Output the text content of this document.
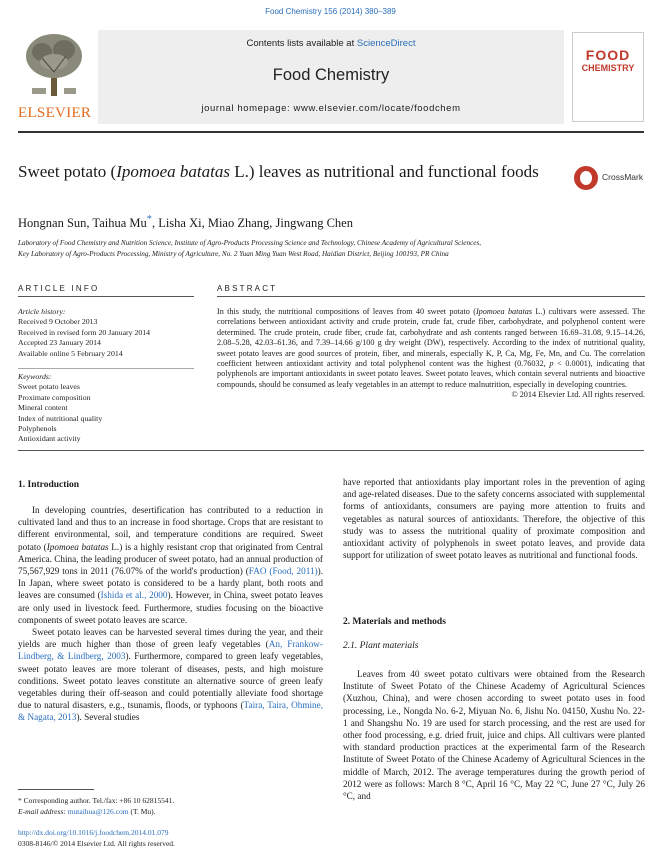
Food Chemistry 156 (2014) 380–389
ELSEVIER
Contents lists available at ScienceDirect
Food Chemistry
journal homepage: www.elsevier.com/locate/foodchem
FOOD
CHEMISTRY
Sweet potato (Ipomoea batatas L.) leaves as nutritional and functional foods	CrossMark
Hongnan Sun, Taihua Mu*, Lisha Xi, Miao Zhang, Jingwang Chen
Laboratory of Food Chemistry and Nutrition Science, Institute of Agro-Products Processing Science and Technology, Chinese Academy of Agricultural Sciences,
Key Laboratory of Agro-Products Processing, Ministry of Agriculture, No. 2 Yuan Ming Yuan West Road, Haidian District, Beijing 100193, PR China
ARTICLE INFO	ABSTRACT
Article history:
Received 9 October 2013
Received in revised form 20 January 2014
Accepted 23 January 2014
Available online 5 February 2014
Keywords:
Sweet potato leaves
Proximate composition
Mineral content
Index of nutritional quality
Polyphenols
Antioxidant activity
In this study, the nutritional compositions of leaves from 40 sweet potato (Ipomoea batatas L.) cultivars were assessed. The correlations between antioxidant activity and crude protein, crude fat, crude fiber, carbohydrate, and polyphenol content were determined. The crude protein, crude fiber, crude fat, carbohydrate and ash contents ranged between 16.69–31.08, 9.15–14.26, 2.08–5.28, 42.03–61.36, and 7.39–14.66 g/100 g dry weight (DW), respectively. According to the index of nutritional quality, sweet potato leaves are good sources of protein, fiber, and minerals, especially K, P, Ca, Mg, Fe, Mn, and Cu. The correlation coefficient between antioxidant activity and total polyphenol content was the highest (0.76032, p < 0.0001), indicating that polyphenols are important antioxidants in sweet potato leaves. Sweet potato leaves, which contain several nutrients and bioactive compounds, should be consumed as leafy vegetables in an attempt to reduce malnutrition, especially in developing countries.
© 2014 Elsevier Ltd. All rights reserved.
1. Introduction

In developing countries, desertification has contributed to a reduction in cultivated land and thus to an increase in food shortage. Crops that are resistant to different environmental, soil, and temperature conditions are required. Sweet potato (Ipomoea batatas L.) is a highly resistant crop that originated from Central America. China, the leading producer of sweet potato, had an annual production of 75,567,929 tons in 2011 (76.07% of the world's production) (FAO (Food, 2011)). In Japan, where sweet potato is considered to be a hardy plant, both roots and leaves are consumed (Ishida et al., 2000). However, in China, sweet potato leaves are only used in livestock feed. Furthermore, studies focusing on the bioactive components of sweet potato leaves are scarce.

Sweet potato leaves can be harvested several times during the year, and their yields are much higher than those of green leafy vegetables (An, Frankow-Lindberg, & Lindberg, 2003). Furthermore, compared to green leafy vegetables, sweet potato leaves are more tolerant of diseases, pests, and high moisture conditions. Sweet potato leaves constitute an alternative source of green leafy vegetables during their off-season and could potentially alleviate food shortage due to natural disasters, e.g., tsunamis, floods, or typhoons (Taira, Taira, Ohmine, & Nagata, 2013). Several studies

have reported that antioxidants play important roles in the prevention of aging and age-related diseases. Due to the safety concerns associated with supplemental forms of antioxidants, consumers are paying more attention to fruits and vegetables as natural sources of antioxidants. Therefore, the objective of this study was to assess the nutritional quality of proximate composition and antioxidant activity of polyphenols in sweet potato leaves, and provide data support for utilization of sweet potato leaves as nutritional and functional foods.
2. Materials and methods
2.1. Plant materials

Leaves from 40 sweet potato cultivars were obtained from the Research Institute of Sweet Potato of the Chinese Academy of Agricultural Sciences (Xuzhou, China), and were chosen according to sweet potato uses in food processing, i.e., Nongda No. 6-2, Miyuan No. 6, Jishu No. 04150, Xushu No. 22-1 and Shangshu No. 19 are used for starch processing, and the rest are used for other food processing, e.g. dried fruit, juice and chips. All cultivars were planted with standard production practices at the experimental farm of the Research Institute of Sweet Potato of the Chinese Academy of Agricultural Sciences in the middle of March, 2012. The average temperatures during the growth period of 2012 were as follows: March 8 °C, April 16 °C, May 22 °C, June 27 °C, July 26 °C, and

* Corresponding author. Tel./fax: +86 10 62815541.
E-mail address: mutaihua@126.com (T. Mu).
http://dx.doi.org/10.1016/j.foodchem.2014.01.079
0308-8146/© 2014 Elsevier Ltd. All rights reserved.
